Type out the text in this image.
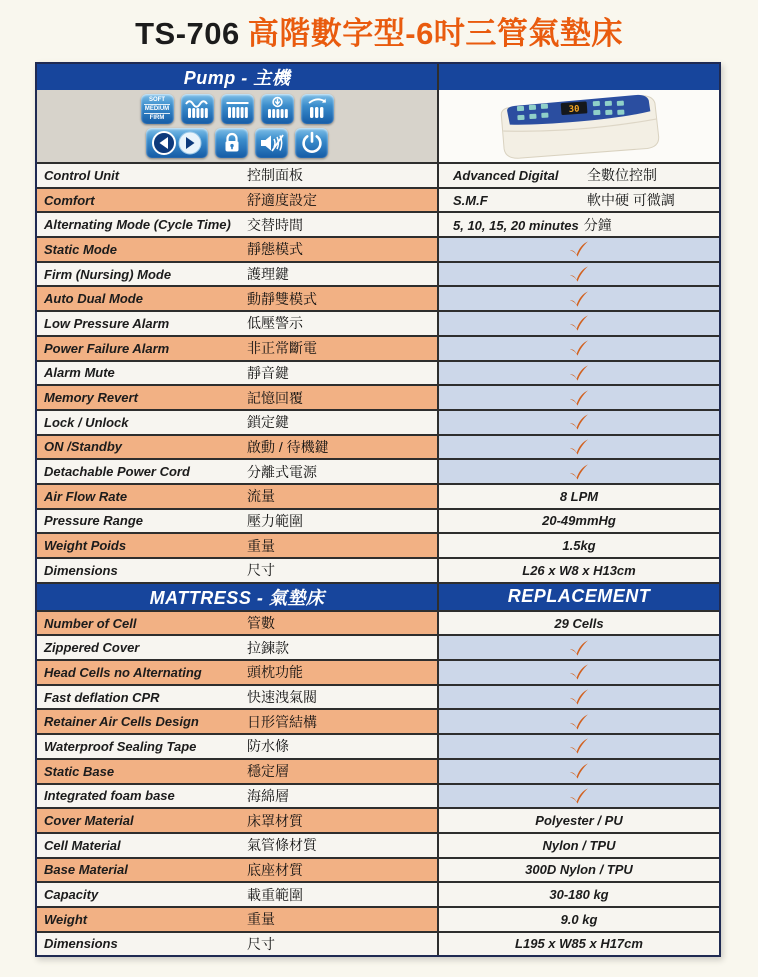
TS-706 高階數字型-6吋三管氣墊床
Pump - 主機
SOFT
MEDIUM
FIRM
30
Control Unit	控制面板	Advanced Digital	全數位控制
Comfort	舒適度設定	S.M.F	軟中硬 可微調
Alternating Mode (Cycle Time)	交替時間	5, 10, 15, 20 minutes 分鐘
Static Mode	靜態模式
Firm (Nursing) Mode	護理鍵
Auto Dual Mode	動靜雙模式
Low Pressure Alarm	低壓警示
Power Failure Alarm	非正常斷電
Alarm Mute	靜音鍵
Memory Revert	記憶回覆
Lock / Unlock	鎖定鍵
ON /Standby	啟動 / 待機鍵
Detachable Power Cord	分離式電源
Air Flow Rate	流量	8 LPM
Pressure Range	壓力範圍	20-49mmHg
Weight Poids	重量	1.5kg
Dimensions	尺寸	L26 x W8 x H13cm
MATTRESS - 氣墊床	REPLACEMENT
Number of Cell	管數	29 Cells
Zippered Cover	拉鍊款
Head Cells no Alternating	頭枕功能
Fast deflation CPR	快速洩氣閥
Retainer Air Cells Design	日形管結構
Waterproof Sealing Tape	防水條
Static Base	穩定層
Integrated foam base	海綿層
Cover Material	床罩材質	Polyester / PU
Cell Material	氣管條材質	Nylon / TPU
Base Material	底座材質	300D Nylon / TPU
Capacity	載重範圍	30-180 kg
Weight	重量	9.0 kg
Dimensions	尺寸	L195 x W85 x H17cm
